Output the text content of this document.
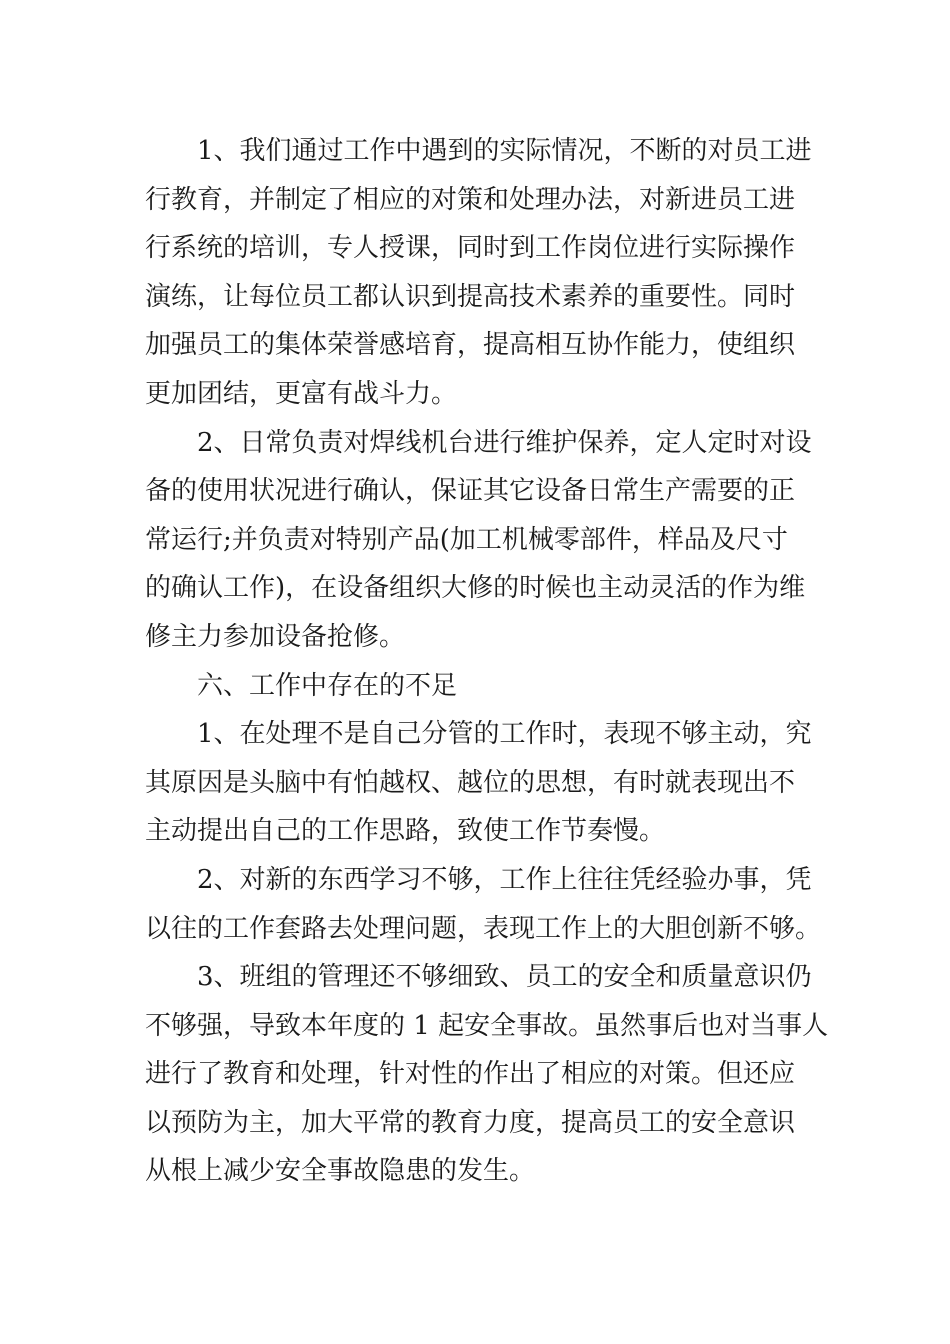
1、我们通过工作中遇到的实际情况，不断的对员工进
行教育，并制定了相应的对策和处理办法，对新进员工进
行系统的培训，专人授课，同时到工作岗位进行实际操作
演练，让每位员工都认识到提高技术素养的重要性。同时
加强员工的集体荣誉感培育，提高相互协作能力，使组织
更加团结，更富有战斗力。

2、日常负责对焊线机台进行维护保养，定人定时对设
备的使用状况进行确认，保证其它设备日常生产需要的正
常运行;并负责对特别产品(加工机械零部件，样品及尺寸
的确认工作)，在设备组织大修的时候也主动灵活的作为维
修主力参加设备抢修。

六、工作中存在的不足

1、在处理不是自己分管的工作时，表现不够主动，究
其原因是头脑中有怕越权、越位的思想，有时就表现出不
主动提出自己的工作思路，致使工作节奏慢。

2、对新的东西学习不够，工作上往往凭经验办事，凭
以往的工作套路去处理问题，表现工作上的大胆创新不够。

3、班组的管理还不够细致、员工的安全和质量意识仍
不够强，导致本年度的 1 起安全事故。虽然事后也对当事人
进行了教育和处理，针对性的作出了相应的对策。但还应
以预防为主，加大平常的教育力度，提高员工的安全意识
从根上减少安全事故隐患的发生。
